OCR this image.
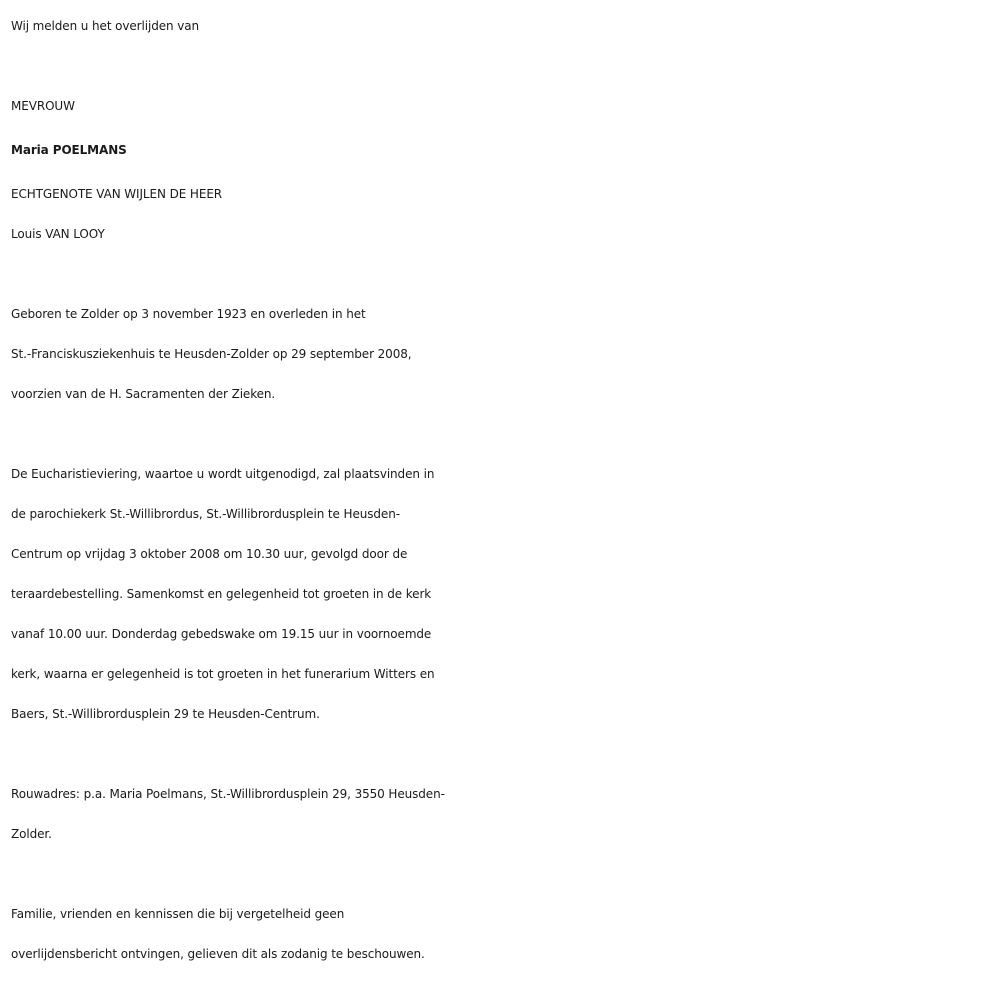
Wij melden u het overlijden van
MEVROUW
Maria POELMANS
ECHTGENOTE VAN WIJLEN DE HEER
Louis VAN LOOY
Geboren te Zolder op 3 november 1923 en overleden in het
St.-Franciskusziekenhuis te Heusden-Zolder op 29 september 2008,
voorzien van de H. Sacramenten der Zieken.
De Eucharistieviering, waartoe u wordt uitgenodigd, zal plaatsvinden in
de parochiekerk St.-Willibrordus, St.-Willibrordusplein te Heusden-
Centrum op vrijdag 3 oktober 2008 om 10.30 uur, gevolgd door de
teraardebestelling. Samenkomst en gelegenheid tot groeten in de kerk
vanaf 10.00 uur. Donderdag gebedswake om 19.15 uur in voornoemde
kerk, waarna er gelegenheid is tot groeten in het funerarium Witters en
Baers, St.-Willibrordusplein 29 te Heusden-Centrum.
Rouwadres: p.a. Maria Poelmans, St.-Willibrordusplein 29, 3550 Heusden-
Zolder.
Familie, vrienden en kennissen die bij vergetelheid geen
overlijdensbericht ontvingen, gelieven dit als zodanig te beschouwen.
